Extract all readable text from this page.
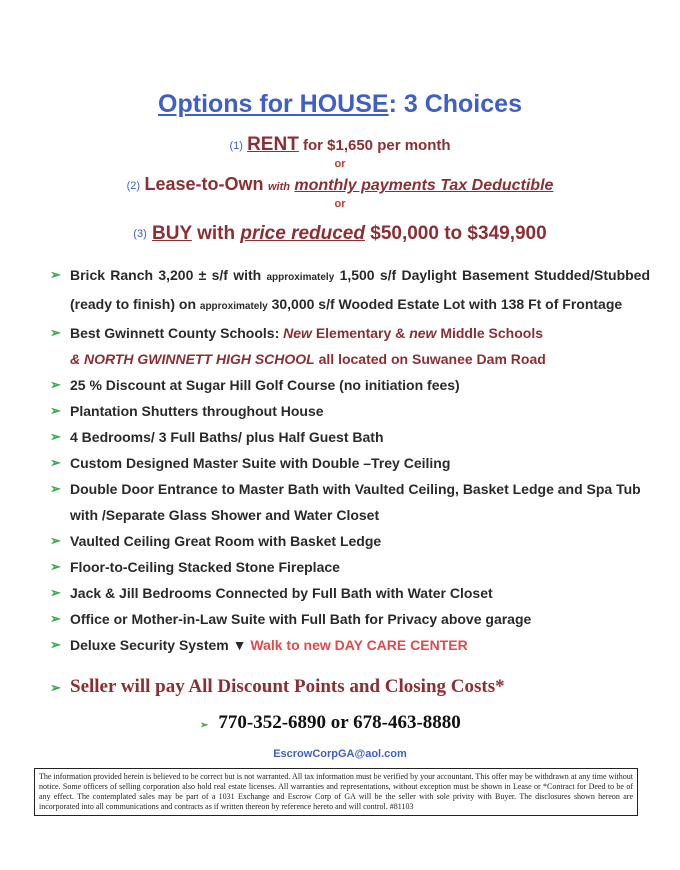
Options for HOUSE: 3 Choices
(1) RENT for $1,650 per month
or
(2) Lease-to-Own with monthly payments Tax Deductible
or
(3) BUY with price reduced $50,000 to $349,900
➢ Brick Ranch 3,200 ± s/f with approximately 1,500 s/f Daylight Basement Studded/Stubbed (ready to finish) on approximately 30,000 s/f Wooded Estate Lot with 138 Ft of Frontage
➢ Best Gwinnett County Schools: New Elementary & new Middle Schools
& NORTH GWINNETT HIGH SCHOOL all located on Suwanee Dam Road
➢ 25 % Discount at Sugar Hill Golf Course (no initiation fees)
➢ Plantation Shutters throughout House
➢ 4 Bedrooms/ 3 Full Baths/ plus Half Guest Bath
➢ Custom Designed Master Suite with Double –Trey Ceiling
➢ Double Door Entrance to Master Bath with Vaulted Ceiling, Basket Ledge and Spa Tub with /Separate Glass Shower and Water Closet
➢ Vaulted Ceiling Great Room with Basket Ledge
➢ Floor-to-Ceiling Stacked Stone Fireplace
➢ Jack & Jill Bedrooms Connected by Full Bath with Water Closet
➢ Office or Mother-in-Law Suite with Full Bath for Privacy above garage
➢ Deluxe Security System ▼ Walk to new DAY CARE CENTER
➢ Seller will pay All Discount Points and Closing Costs*
➢ 770-352-6890 or 678-463-8880
EscrowCorpGA@aol.com
The information provided herein is believed to be correct but is not warranted. All tax information must be verified by your accountant. This offer may be withdrawn at any time without notice. Some officers of selling corporation also hold real estate licenses. All warranties and representations, without exception must be shown in Lease or *Contract for Deed to be of any effect. The contemplated sales may be part of a 1031 Exchange and Escrow Corp of GA will be the seller with sole privity with Buyer. The disclosures shown hereon are incorporated into all communications and contracts as if written thereon by reference hereto and will control. #81103
